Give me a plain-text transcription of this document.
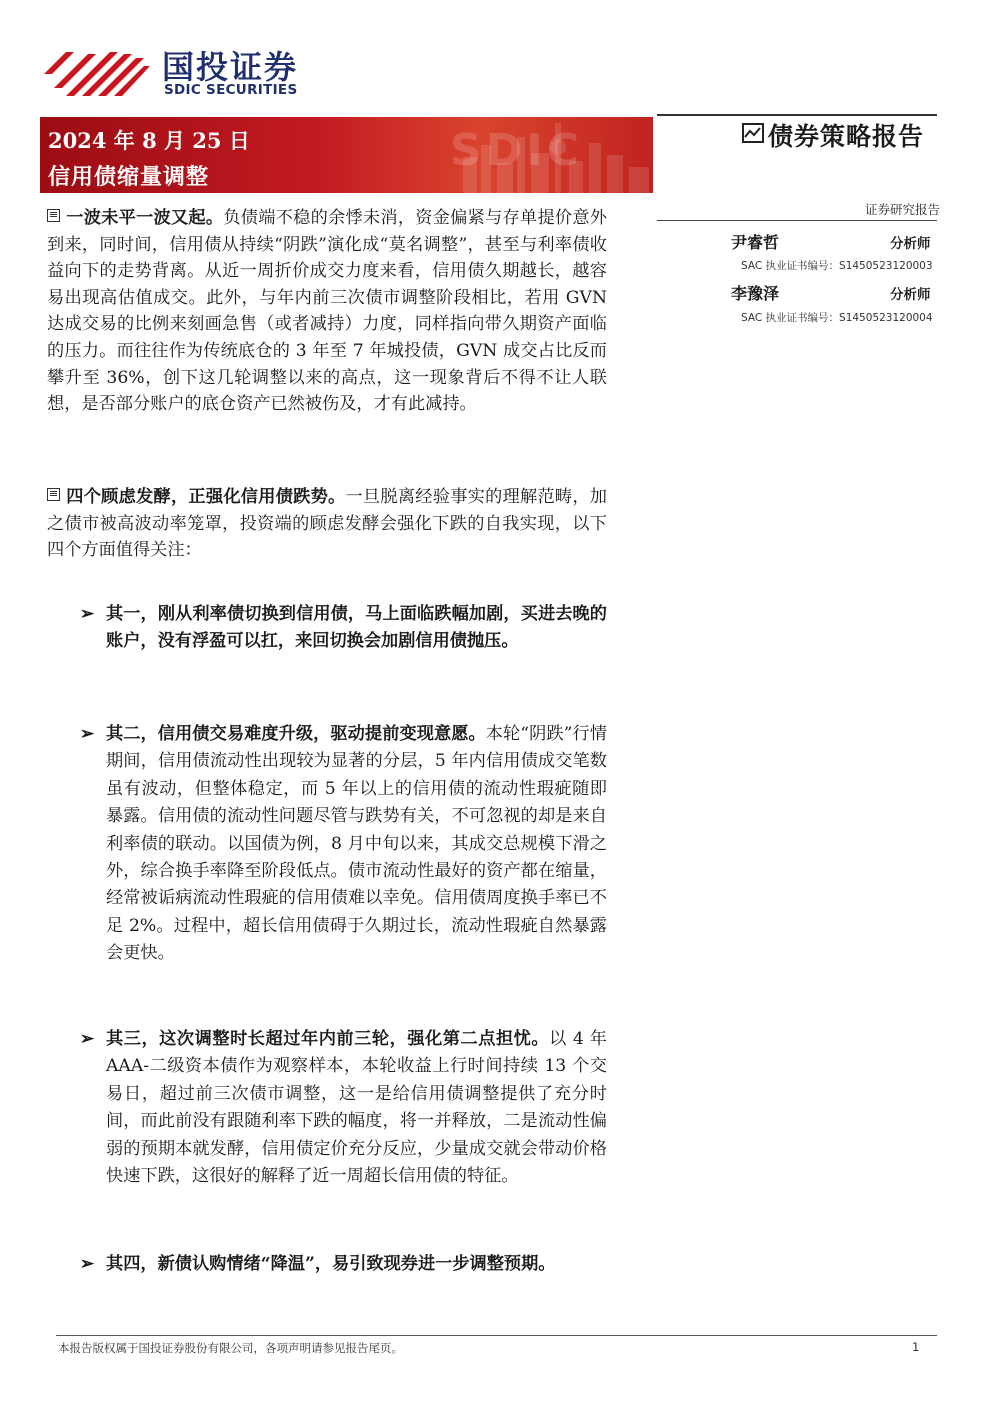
国投证券
SDIC SECURITIES
SDIC
2024 年 8 月 25 日
信用债缩量调整
债券策略报告
证券研究报告
尹睿哲	分析师
SAC 执业证书编号：S1450523120003
李豫泽	分析师
SAC 执业证书编号：S1450523120004
一波未平一波又起。负债端不稳的余悸未消，资金偏紧与存单提价意外到来，同时间，信用债从持续“阴跌”演化成“莫名调整”，甚至与利率债收益向下的走势背离。从近一周折价成交力度来看，信用债久期越长，越容易出现高估值成交。此外，与年内前三次债市调整阶段相比，若用 GVN 达成交易的比例来刻画急售（或者减持）力度，同样指向带久期资产面临的压力。而往往作为传统底仓的 3 年至 7 年城投债，GVN 成交占比反而攀升至 36%，创下这几轮调整以来的高点，这一现象背后不得不让人联想，是否部分账户的底仓资产已然被伤及，才有此减持。
四个顾虑发酵，正强化信用债跌势。一旦脱离经验事实的理解范畴，加之债市被高波动率笼罩，投资端的顾虑发酵会强化下跌的自我实现，以下四个方面值得关注：
➢ 其一，刚从利率债切换到信用债，马上面临跌幅加剧，买进去晚的账户，没有浮盈可以扛，来回切换会加剧信用债抛压。
➢ 其二，信用债交易难度升级，驱动提前变现意愿。本轮“阴跌”行情期间，信用债流动性出现较为显著的分层，5 年内信用债成交笔数虽有波动，但整体稳定，而 5 年以上的信用债的流动性瑕疵随即暴露。信用债的流动性问题尽管与跌势有关，不可忽视的却是来自利率债的联动。以国债为例，8 月中旬以来，其成交总规模下滑之外，综合换手率降至阶段低点。债市流动性最好的资产都在缩量，经常被诟病流动性瑕疵的信用债难以幸免。信用债周度换手率已不足 2%。过程中，超长信用债碍于久期过长，流动性瑕疵自然暴露会更快。
➢ 其三，这次调整时长超过年内前三轮，强化第二点担忧。以 4 年 AAA-二级资本债作为观察样本，本轮收益上行时间持续 13 个交易日，超过前三次债市调整，这一是给信用债调整提供了充分时间，而此前没有跟随利率下跌的幅度，将一并释放，二是流动性偏弱的预期本就发酵，信用债定价充分反应，少量成交就会带动价格快速下跌，这很好的解释了近一周超长信用债的特征。
➢ 其四，新债认购情绪“降温”，易引致现券进一步调整预期。
本报告版权属于国投证券股份有限公司，各项声明请参见报告尾页。	1
